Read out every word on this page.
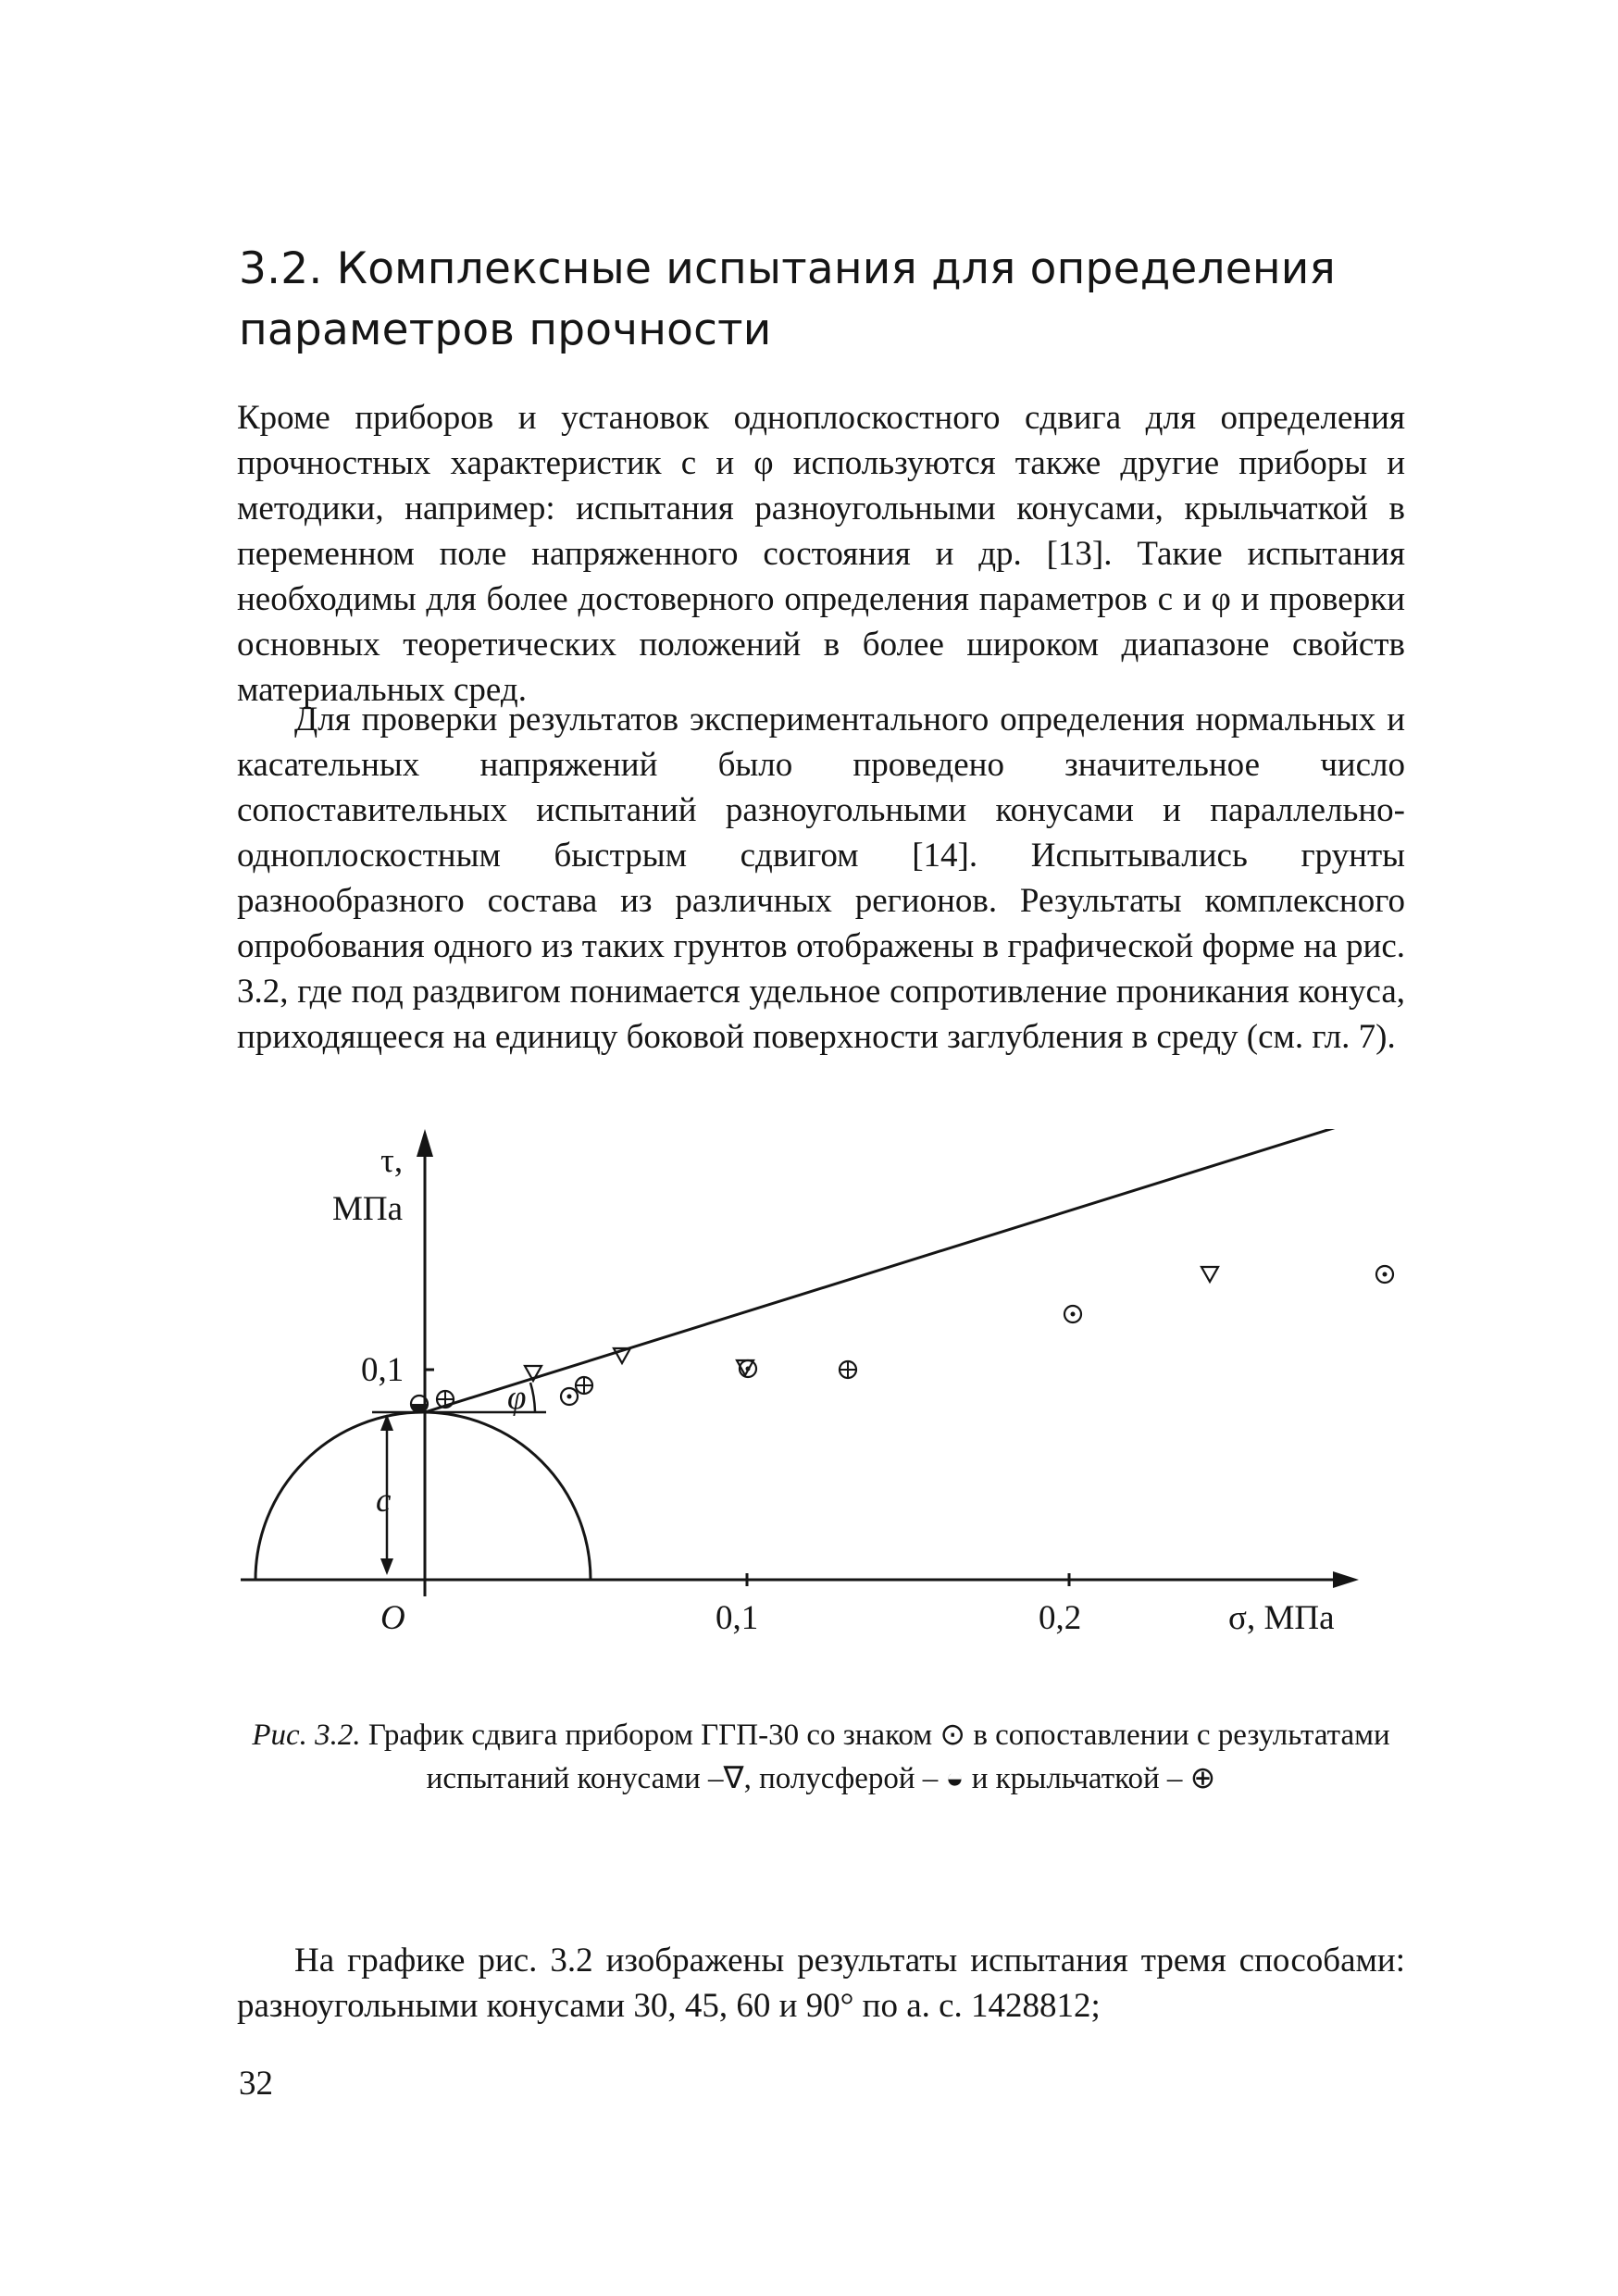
3.2. Комплексные испытания для определения параметров прочности

Кроме приборов и установок одноплоскостного сдвига для определения прочностных характеристик c и φ используются также другие приборы и методики, например: испытания разноугольными конусами, крыльчаткой в переменном поле напряженного состояния и др. [13]. Такие испытания необходимы для более достоверного определения параметров c и φ и проверки основных теоретических положений в более широком диапазоне свойств материальных сред.

Для проверки результатов экспериментального определения нормальных и касательных напряжений было проведено значительное число сопоставительных испытаний разноугольными конусами и параллельно-одноплоскостным быстрым сдвигом [14]. Испытывались грунты разнообразного состава из различных регионов. Результаты комплексного опробования одного из таких грунтов отображены в графической форме на рис. 3.2, где под раздвигом понимается удельное сопротивление проникания конуса, приходящееся на единицу боковой поверхности заглубления в среду (см. гл. 7).

0,1
0,1	0,2
O	σ, МПа
τ,
МПа
c
φ

Рис. 3.2. График сдвига прибором ГГП-30 со знаком ⊙ в сопоставлении с результатами испытаний конусами –∇, полусферой – ◒ и крыльчаткой – ⊕

На графике рис. 3.2 изображены результаты испытания тремя способами: разноугольными конусами 30, 45, 60 и 90° по а. с. 1428812;

32
